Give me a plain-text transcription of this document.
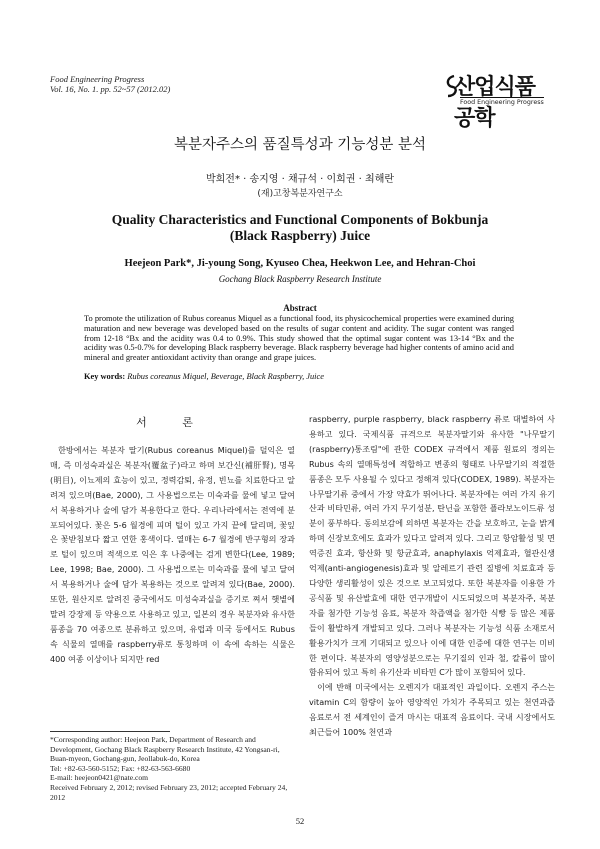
Food Engineering Progress
Vol. 16, No. 1. pp. 52~57 (2012.02)	산업식품공학
Food Engineering Progress
복분자주스의 품질특성과 기능성분 분석
박희전* · 송지영 · 채규석 · 이희권 · 최해란
(재)고창복분자연구소
Quality Characteristics and Functional Components of Bokbunja
(Black Raspberry) Juice
Heejeon Park*, Ji-young Song, Kyuseo Chea, Heekwon Lee, and Hehran-Choi
Gochang Black Raspberry Research Institute
Abstract
To promote the utilization of Rubus coreanus Miquel as a functional food, its physicochemical properties were examined during maturation and new beverage was developed based on the results of sugar content and acidity. The sugar content was ranged from 12-18 °Bx and the acidity was 0.4 to 0.9%. This study showed that the optimal sugar content was 13-14 °Bx and the acidity was 0.5-0.7% for developing Black raspberry beverage. Black raspberry beverage had higher contents of amino acid and mineral and greater antioxidant activity than orange and grape juices.
Key words: Rubus coreanus Miquel, Beverage, Black Raspberry, Juice
서 론

한방에서는 복분자 딸기(Rubus coreanus Miquel)를 덜익은 열매, 즉 미성숙과실은 복분자(覆盆子)라고 하며 보간신(補肝腎), 명목(明目), 이뇨제의 효능이 있고, 정력감퇴, 유정, 빈뇨를 치료한다고 알려져 있으며(Bae, 2000), 그 사용법으로는 미숙과를 물에 넣고 달여서 복용하거나 술에 담가 복용한다고 한다. 우리나라에서는 전역에 분포되어있다. 꽃은 5-6 월경에 피며 털이 있고 가지 끝에 달리며, 꽃잎은 꽃받침보다 짧고 연한 홍색이다. 열매는 6-7 월경에 반구형의 장과로 털이 있으며 적색으로 익은 후 나중에는 검게 변한다(Lee, 1989; Lee, 1998; Bae, 2000). 그 사용법으로는 미숙과를 물에 넣고 달여서 복용하거나 술에 담가 복용하는 것으로 알려져 있다(Bae, 2000). 또한, 원산지로 알려진 중국에서도 미성숙과실을 증기로 쪄서 햇볕에 말려 강장제 등 약용으로 사용하고 있고, 일본의 경우 복분자와 유사한 품종을 70 여종으로 분류하고 있으며, 유럽과 미국 등에서도 Rubus 속 식물의 열매를 raspberry류로 통칭하며 이 속에 속하는 식물은 400 여종 이상이나 되지만 red

raspberry, purple raspberry, black raspberry 류로 대별하여 사용하고 있다. 국제식품 규격으로 복분자딸기와 유사한 "나무딸기(raspberry)통조림"에 관한 CODEX 규격에서 제품 원료의 정의는 Rubus 속의 열매특성에 적합하고 변종의 형태로 나무딸기의 적절한 품종은 모두 사용될 수 있다고 정해져 있다(CODEX, 1989). 복분자는 나무딸기류 중에서 가장 약효가 뛰어나다. 복분자에는 여러 가지 유기산과 비타민류, 여러 가지 무기성분, 탄닌을 포함한 플라보노이드류 성분이 풍부하다. 동의보감에 의하면 복분자는 간을 보호하고, 눈을 밝게하며 신장보호에도 효과가 있다고 알려져 있다. 그리고 항암활성 및 면역증진 효과, 항산화 및 항균효과, anaphylaxis 억제효과, 혈관신생억제(anti-angiogenesis)효과 및 알레르기 관련 질병에 치료효과 등 다양한 생리활성이 있은 것으로 보고되었다. 또한 복분자를 이용한 가공식품 및 유산발효에 대한 연구개발이 시도되었으며 복분자주, 복분자를 첨가한 기능성 음료, 복분자 착즙액을 첨가한 식빵 등 많은 제품들이 활발하게 개발되고 있다. 그러나 복분자는 기능성 식품 소재로서 활용가치가 크게 기대되고 있으나 이에 대한 인증에 대한 연구는 미비한 편이다. 복분자의 영양성분으로는 무기질의 인과 철, 칼륨이 많이 함유되어 있고 특히 유기산과 비타민 C가 많이 포함되어 있다.

이에 반해 미국에서는 오렌지가 대표적인 과일이다. 오렌지 주스는 vitamin C의 함량이 높아 영양적인 가치가 주목되고 있는 천연과즙 음료로서 전 세계인이 즐겨 마시는 대표적 음료이다. 국내 시장에서도 최근들어 100% 천연과

*Corresponding author: Heejeon Park, Department of Research and Development, Gochang Black Raspberry Research Institute, 42 Yongsan-ri, Buan-myeon, Gochang-gun, Jeollabuk-do, Korea

Tel: +82-63-560-5152; Fax: +82-63-563-6680

E-mail: heejeon0421@nate.com

Received February 2, 2012; revised February 23, 2012; accepted February 24, 2012

52
